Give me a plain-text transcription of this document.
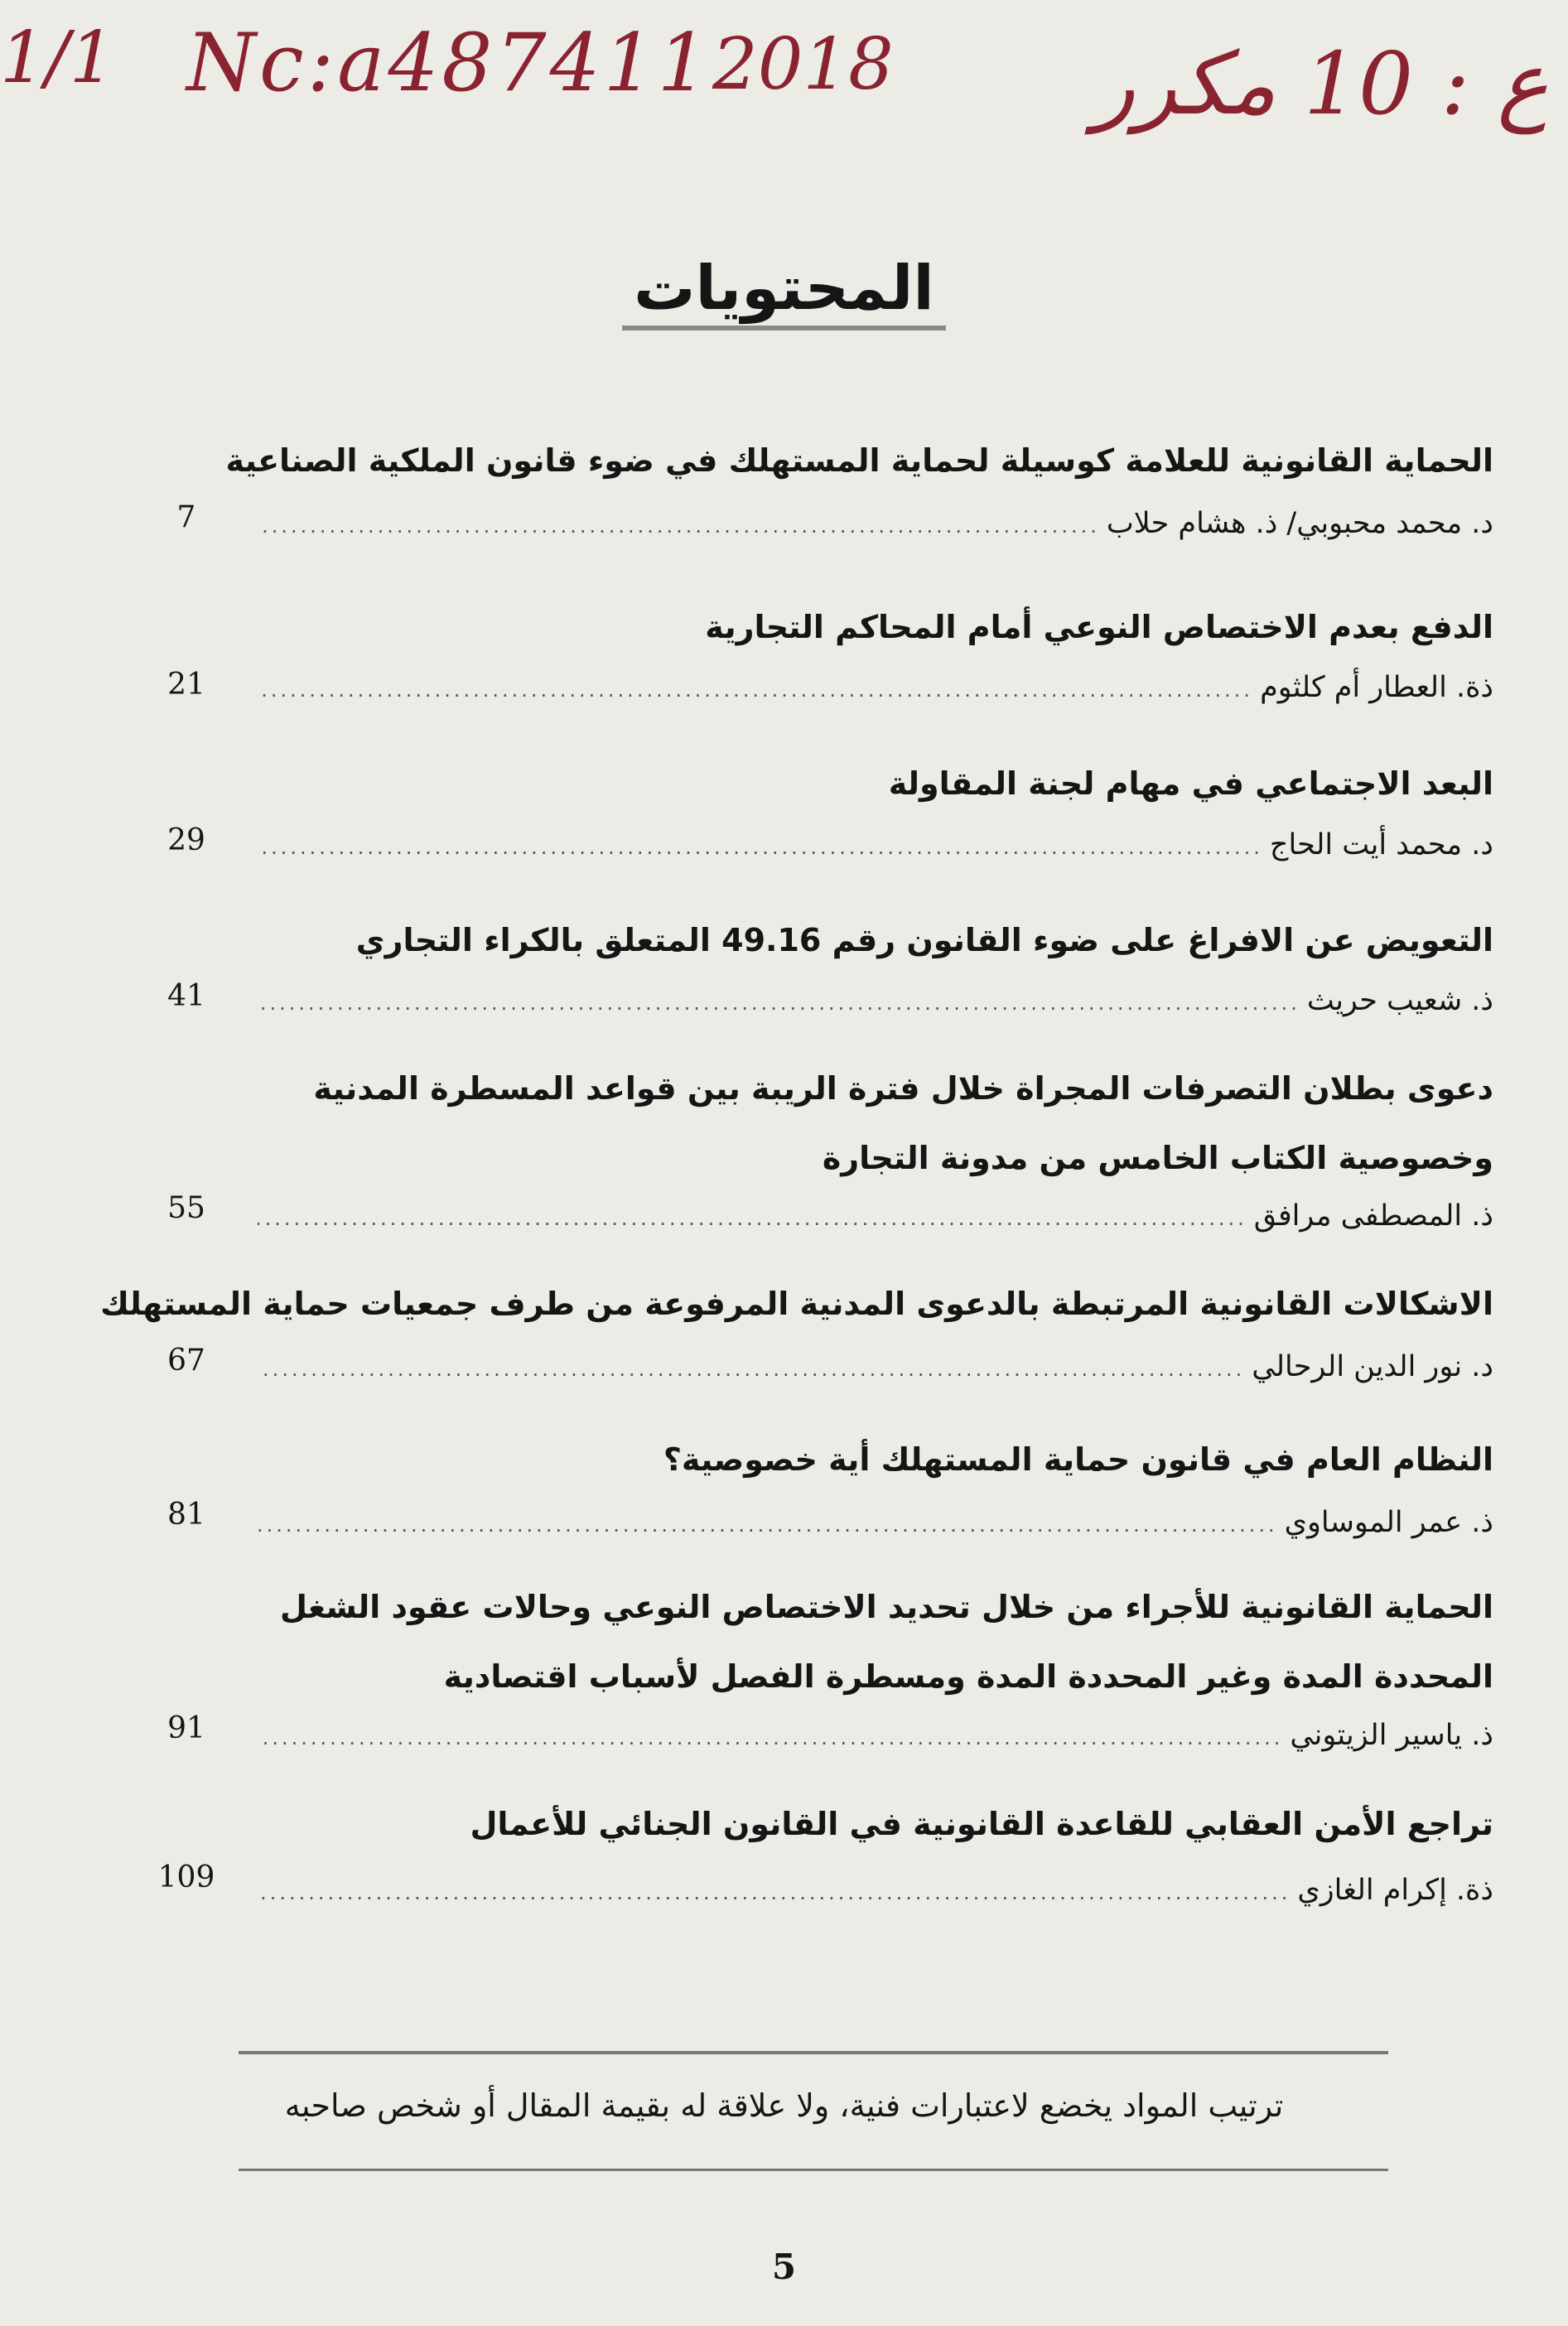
1/1 Nc:a487411 2018 ع : 10 مكرر
المحتويات
الحماية القانونية للعلامة كوسيلة لحماية المستهلك في ضوء قانون الملكية الصناعية
د. محمد محبوبي/ ذ. هشام حلاب
.....
7
الدفع بعدم الاختصاص النوعي أمام المحاكم التجارية
ذة. العطار أم كلثوم
.....
21
البعد الاجتماعي في مهام لجنة المقاولة
د. محمد أيت الحاج
.....
29
التعويض عن الافراغ على ضوء القانون رقم 49.16 المتعلق بالكراء التجاري
ذ. شعيب حريث
.....
41
دعوى بطلان التصرفات المجراة خلال فترة الريبة بين قواعد المسطرة المدنية وخصوصية الكتاب الخامس من مدونة التجارة
ذ. المصطفى مرافق
.....
55
الاشكالات القانونية المرتبطة بالدعوى المدنية المرفوعة من طرف جمعيات حماية المستهلك
د. نور الدين الرحالي
.....
67
النظام العام في قانون حماية المستهلك أية خصوصية؟
ذ. عمر الموساوي
.....
81
الحماية القانونية للأجراء من خلال تحديد الاختصاص النوعي وحالات عقود الشغل المحددة المدة وغير المحددة المدة ومسطرة الفصل لأسباب اقتصادية
ذ. ياسير الزيتوني
.....
91
تراجع الأمن العقابي للقاعدة القانونية في القانون الجنائي للأعمال
ذة. إكرام الغازي
.....
109
ترتيب المواد يخضع لاعتبارات فنية، ولا علاقة له بقيمة المقال أو شخص صاحبه
5
